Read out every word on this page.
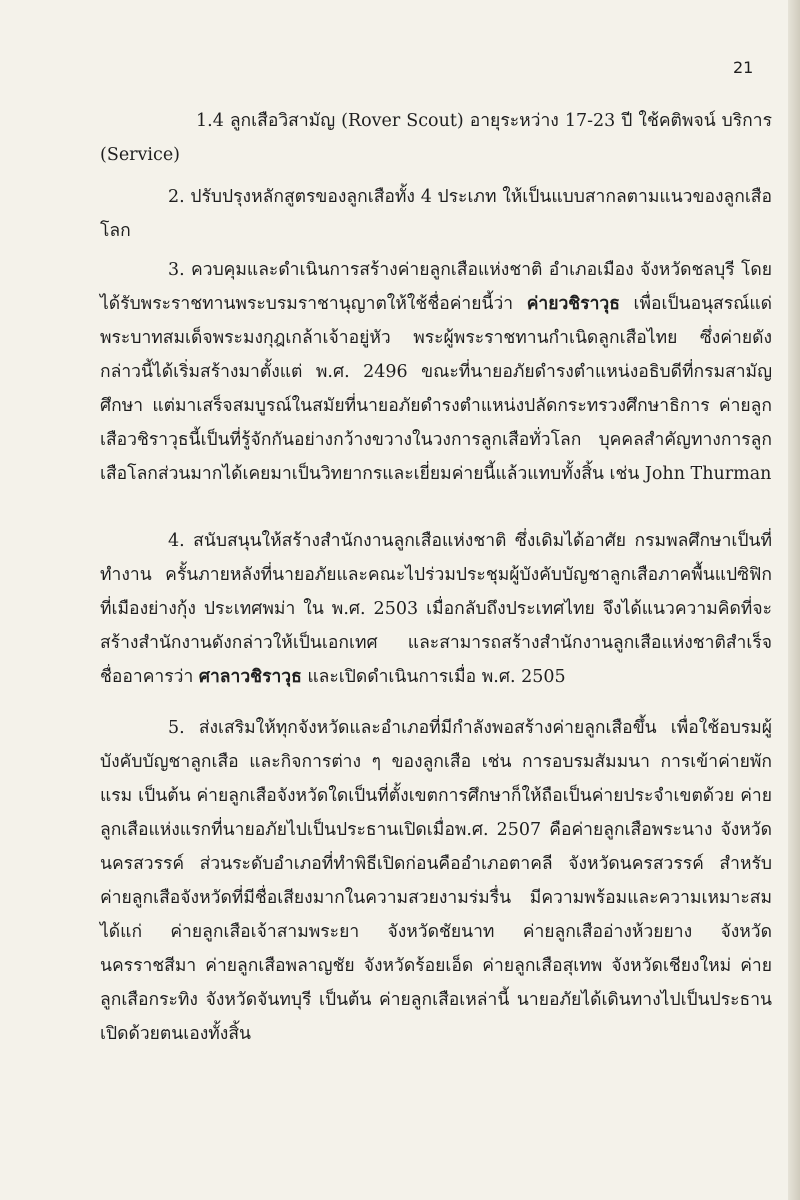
21

1.4 ลูกเสือวิสามัญ (Rover Scout) อายุระหว่าง 17-23 ปี ใช้คติพจน์ บริการ (Service)

2. ปรับปรุงหลักสูตรของลูกเสือทั้ง 4 ประเภท ให้เป็นแบบสากลตามแนวของลูกเสือโลก

3. ควบคุมและดำเนินการสร้างค่ายลูกเสือแห่งชาติ อำเภอเมือง จังหวัดชลบุรี โดยได้รับพระราชทานพระบรมราชานุญาตให้ใช้ชื่อค่ายนี้ว่า ค่ายวชิราวุธ เพื่อเป็นอนุสรณ์แด่พระบาทสมเด็จพระมงกุฎเกล้าเจ้าอยู่หัว พระผู้พระราชทานกำเนิดลูกเสือไทย ซึ่งค่ายดังกล่าวนี้ได้เริ่มสร้างมาตั้งแต่ พ.ศ. 2496 ขณะที่นายอภัยดำรงตำแหน่งอธิบดีที่กรมสามัญศึกษา แต่มาเสร็จสมบูรณ์ในสมัยที่นายอภัยดำรงตำแหน่งปลัดกระทรวงศึกษาธิการ ค่ายลูกเสือวชิราวุธนี้เป็นที่รู้จักกันอย่างกว้างขวางในวงการลูกเสือทั่วโลก บุคคลสำคัญทางการลูกเสือโลกส่วนมากได้เคยมาเป็นวิทยากรและเยี่ยมค่ายนี้แล้วแทบทั้งสิ้น เช่น John Thurman

4. สนับสนุนให้สร้างสำนักงานลูกเสือแห่งชาติ ซึ่งเดิมได้อาศัย กรมพลศึกษาเป็นที่ทำงาน ครั้นภายหลังที่นายอภัยและคณะไปร่วมประชุมผู้บังคับบัญชาลูกเสือภาคพื้นแปซิฟิก ที่เมืองย่างกุ้ง ประเทศพม่า ใน พ.ศ. 2503 เมื่อกลับถึงประเทศไทย จึงได้แนวความคิดที่จะสร้างสำนักงานดังกล่าวให้เป็นเอกเทศ และสามารถสร้างสำนักงานลูกเสือแห่งชาติสำเร็จ ชื่ออาคารว่า ศาลาวชิราวุธ และเปิดดำเนินการเมื่อ พ.ศ. 2505

5. ส่งเสริมให้ทุกจังหวัดและอำเภอที่มีกำลังพอสร้างค่ายลูกเสือขึ้น เพื่อใช้อบรมผู้บังคับบัญชาลูกเสือ และกิจการต่าง ๆ ของลูกเสือ เช่น การอบรมสัมมนา การเข้าค่ายพักแรม เป็นต้น ค่ายลูกเสือจังหวัดใดเป็นที่ตั้งเขตการศึกษาก็ให้ถือเป็นค่ายประจำเขตด้วย ค่ายลูกเสือแห่งแรกที่นายอภัยไปเป็นประธานเปิดเมื่อพ.ศ. 2507 คือค่ายลูกเสือพระนาง จังหวัดนครสวรรค์ ส่วนระดับอำเภอที่ทำพิธีเปิดก่อนคืออำเภอตาคลี จังหวัดนครสวรรค์ สำหรับค่ายลูกเสือจังหวัดที่มีชื่อเสียงมากในความสวยงามร่มรื่น มีความพร้อมและความเหมาะสม ได้แก่ ค่ายลูกเสือเจ้าสามพระยา จังหวัดชัยนาท ค่ายลูกเสืออ่างห้วยยาง จังหวัดนครราชสีมา ค่ายลูกเสือพลาญชัย จังหวัดร้อยเอ็ด ค่ายลูกเสือสุเทพ จังหวัดเชียงใหม่ ค่ายลูกเสือกระทิง จังหวัดจันทบุรี เป็นต้น ค่ายลูกเสือเหล่านี้ นายอภัยได้เดินทางไปเป็นประธานเปิดด้วยตนเองทั้งสิ้น
